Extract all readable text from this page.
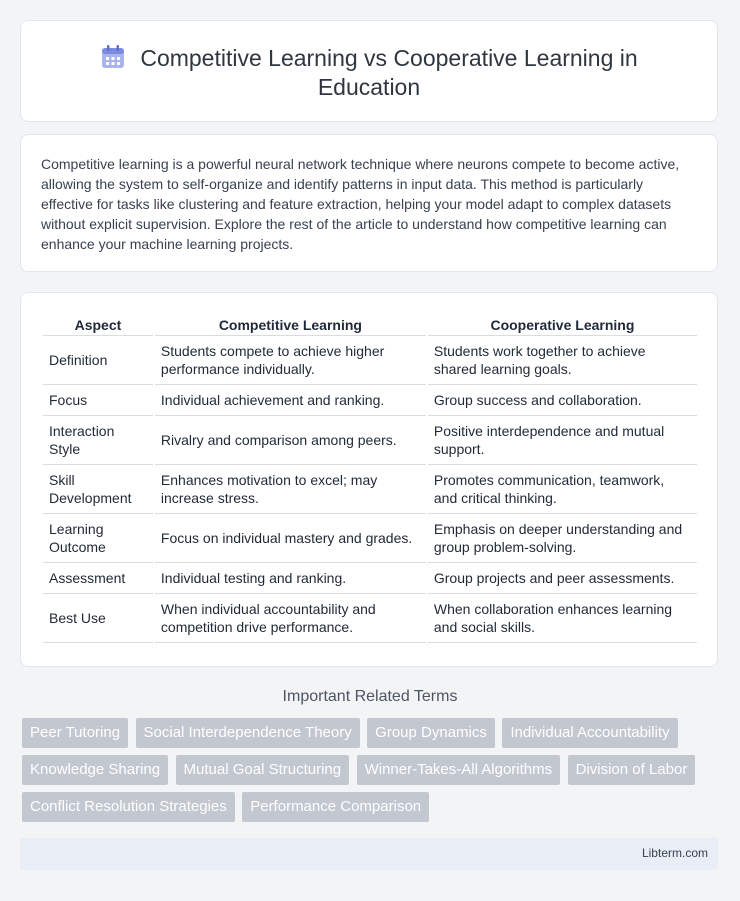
Competitive Learning vs Cooperative Learning in Education

Competitive learning is a powerful neural network technique where neurons compete to become active, allowing the system to self-organize and identify patterns in input data. This method is particularly effective for tasks like clustering and feature extraction, helping your model adapt to complex datasets without explicit supervision. Explore the rest of the article to understand how competitive learning can enhance your machine learning projects.

Aspect	Competitive Learning	Cooperative Learning
Definition	Students compete to achieve higher performance individually.	Students work together to achieve shared learning goals.
Focus	Individual achievement and ranking.	Group success and collaboration.
Interaction Style	Rivalry and comparison among peers.	Positive interdependence and mutual support.
Skill Development	Enhances motivation to excel; may increase stress.	Promotes communication, teamwork, and critical thinking.
Learning Outcome	Focus on individual mastery and grades.	Emphasis on deeper understanding and group problem-solving.
Assessment	Individual testing and ranking.	Group projects and peer assessments.
Best Use	When individual accountability and competition drive performance.	When collaboration enhances learning and social skills.
Important Related Terms
Peer Tutoring Social Interdependence Theory Group Dynamics Individual Accountability Knowledge Sharing Mutual Goal Structuring Winner-Takes-All Algorithms Division of Labor Conflict Resolution Strategies Performance Comparison
Libterm.com
